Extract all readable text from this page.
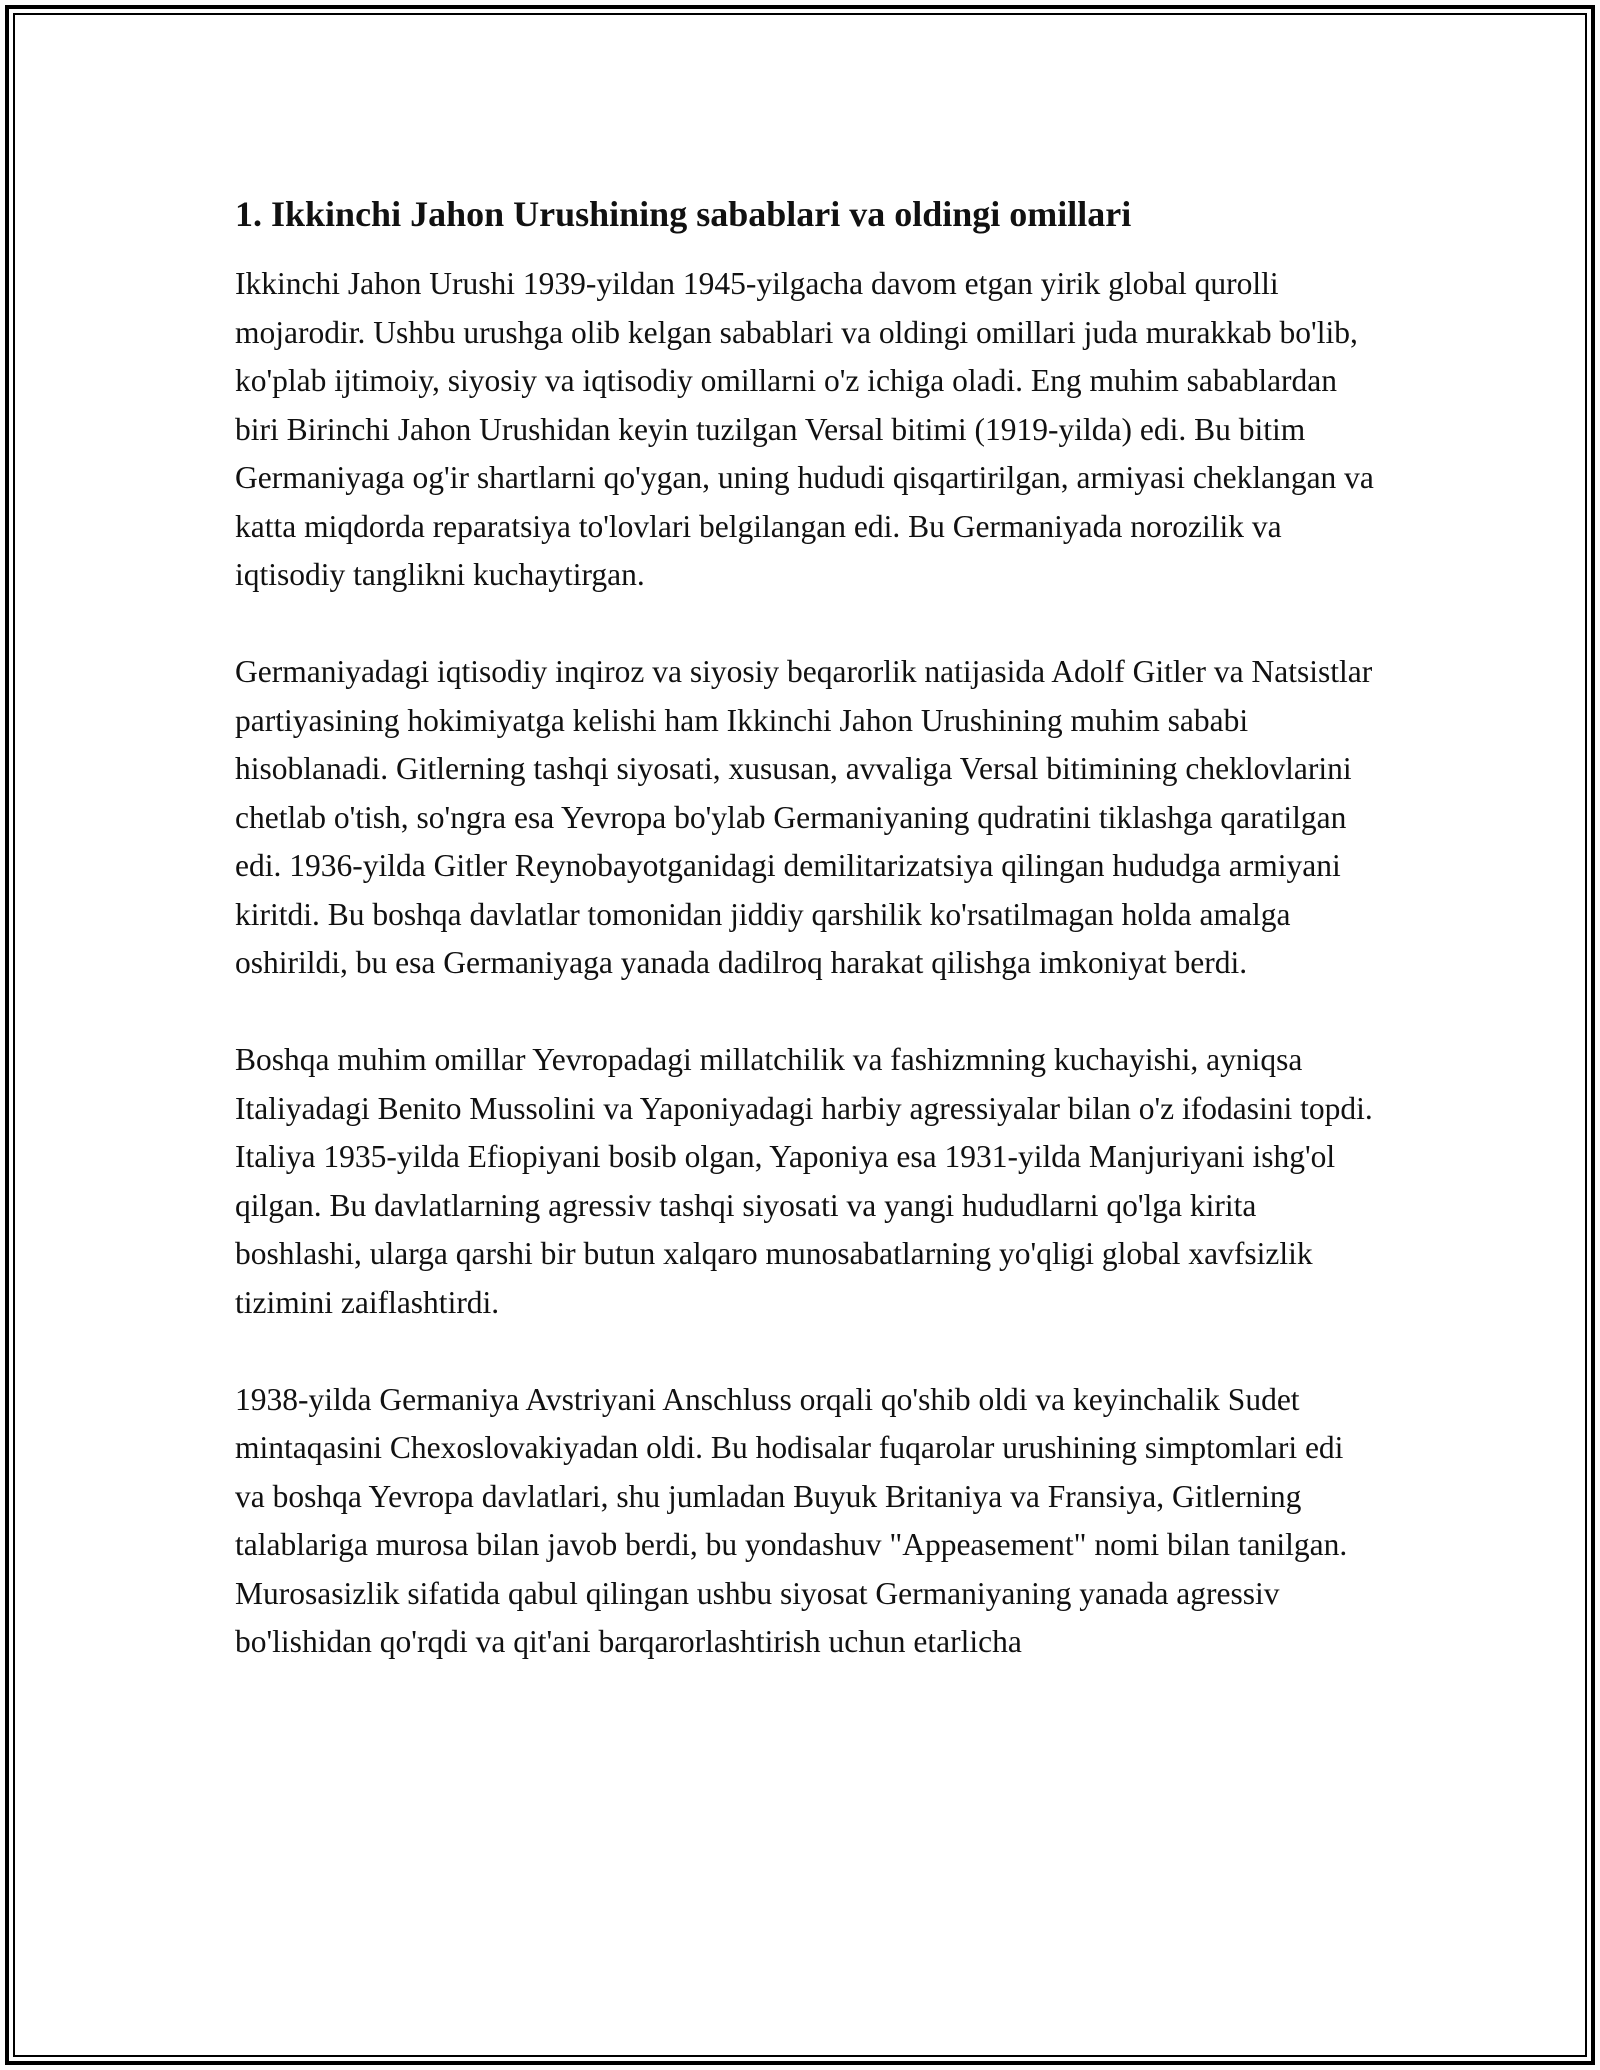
1. Ikkinchi Jahon Urushining sabablari va oldingi omillari

Ikkinchi Jahon Urushi 1939-yildan 1945-yilgacha davom etgan yirik global qurolli mojarodir. Ushbu urushga olib kelgan sabablari va oldingi omillari juda murakkab bo'lib, ko'plab ijtimoiy, siyosiy va iqtisodiy omillarni o'z ichiga oladi. Eng muhim sabablardan biri Birinchi Jahon Urushidan keyin tuzilgan Versal bitimi (1919-yilda) edi. Bu bitim Germaniyaga og'ir shartlarni qo'ygan, uning hududi qisqartirilgan, armiyasi cheklangan va katta miqdorda reparatsiya to'lovlari belgilangan edi. Bu Germaniyada norozilik va iqtisodiy tanglikni kuchaytirgan.

Germaniyadagi iqtisodiy inqiroz va siyosiy beqarorlik natijasida Adolf Gitler va Natsistlar partiyasining hokimiyatga kelishi ham Ikkinchi Jahon Urushining muhim sababi hisoblanadi. Gitlerning tashqi siyosati, xususan, avvaliga Versal bitimining cheklovlarini chetlab o'tish, so'ngra esa Yevropa bo'ylab Germaniyaning qudratini tiklashga qaratilgan edi. 1936-yilda Gitler Reynobayotganidagi demilitarizatsiya qilingan hududga armiyani kiritdi. Bu boshqa davlatlar tomonidan jiddiy qarshilik ko'rsatilmagan holda amalga oshirildi, bu esa Germaniyaga yanada dadilroq harakat qilishga imkoniyat berdi.

Boshqa muhim omillar Yevropadagi millatchilik va fashizmning kuchayishi, ayniqsa Italiyadagi Benito Mussolini va Yaponiyadagi harbiy agressiyalar bilan o'z ifodasini topdi. Italiya 1935-yilda Efiopiyani bosib olgan, Yaponiya esa 1931-yilda Manjuriyani ishg'ol qilgan. Bu davlatlarning agressiv tashqi siyosati va yangi hududlarni qo'lga kirita boshlashi, ularga qarshi bir butun xalqaro munosabatlarning yo'qligi global xavfsizlik tizimini zaiflashtirdi.

1938-yilda Germaniya Avstriyani Anschluss orqali qo'shib oldi va keyinchalik Sudet mintaqasini Chexoslovakiyadan oldi. Bu hodisalar fuqarolar urushining simptomlari edi va boshqa Yevropa davlatlari, shu jumladan Buyuk Britaniya va Fransiya, Gitlerning talablariga murosa bilan javob berdi, bu yondashuv "Appeasement" nomi bilan tanilgan. Murosasizlik sifatida qabul qilingan ushbu siyosat Germaniyaning yanada agressiv bo'lishidan qo'rqdi va qit'ani barqarorlashtirish uchun etarlicha
